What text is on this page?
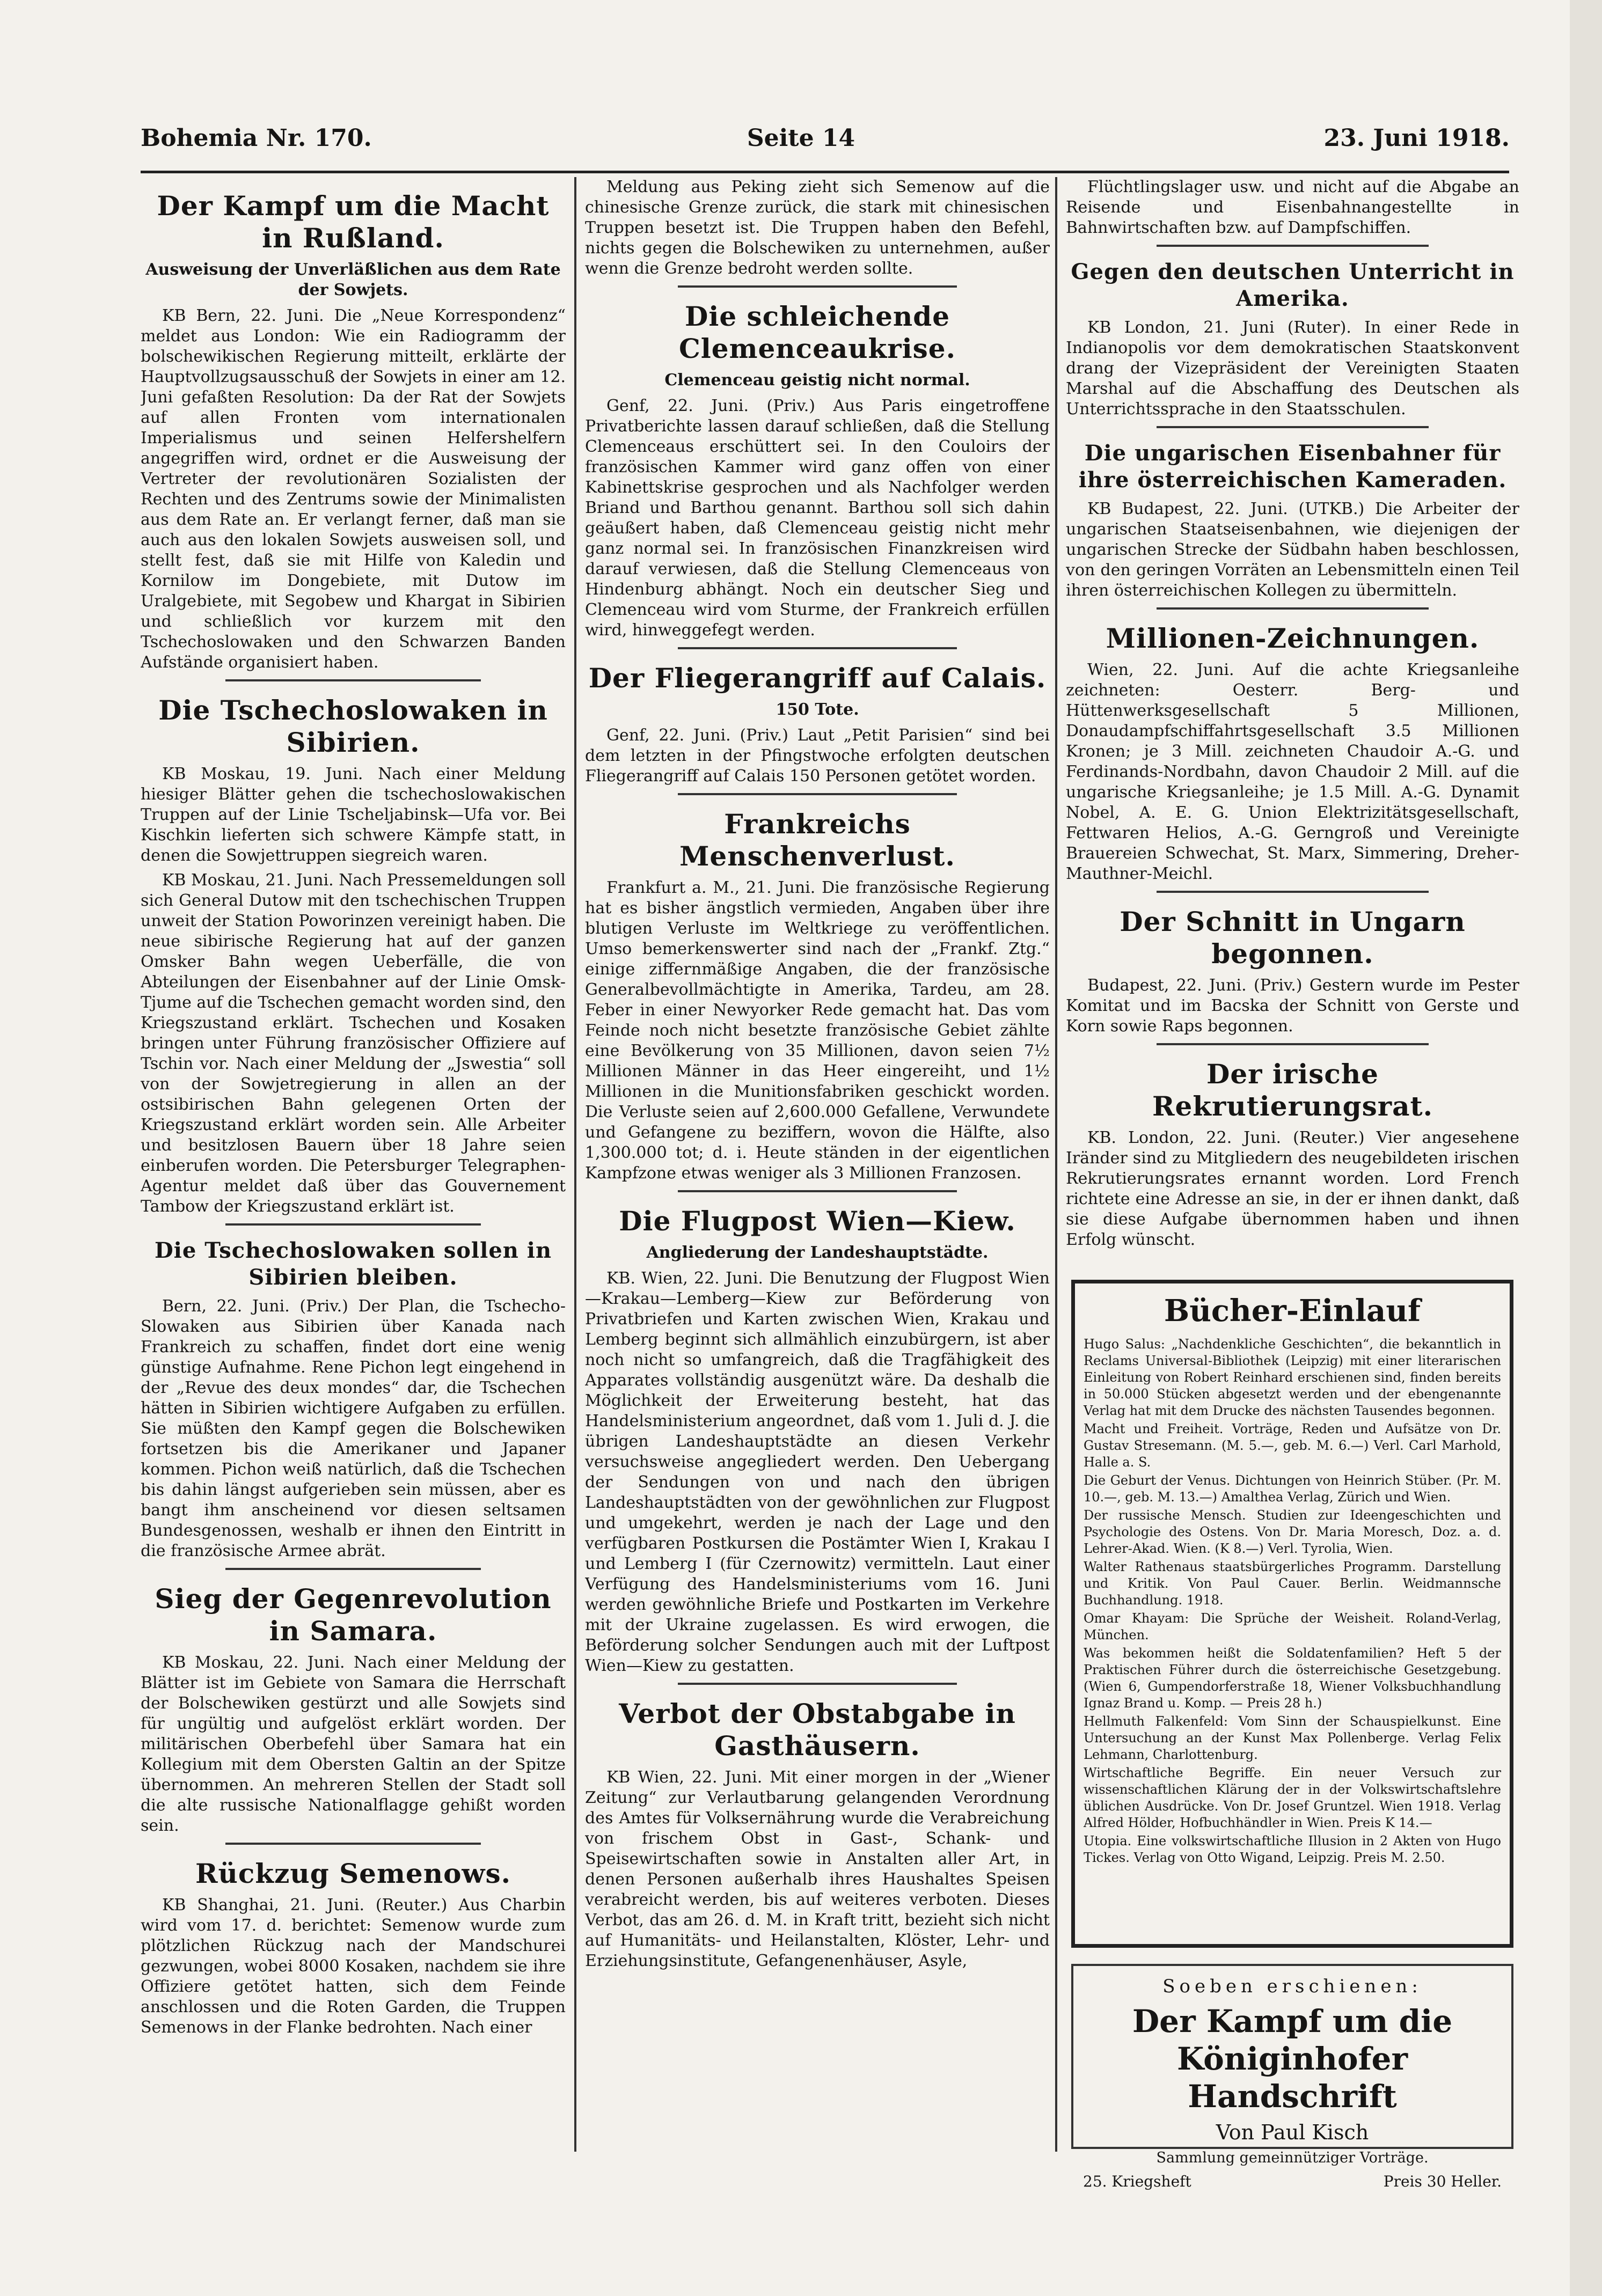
Bohemia Nr. 170.	Seite 14	23. Juni 1918.
Der Kampf um die Macht in Rußland.
Ausweisung der Unverläßlichen aus dem Rate der Sowjets.
KB Bern, 22. Juni. Die „Neue Korrespondenz“ meldet aus London: Wie ein Radiogramm der bolschewikischen Regierung mitteilt, erklärte der Hauptvollzugsausschuß der Sowjets in einer am 12. Juni gefaßten Resolution: Da der Rat der Sowjets auf allen Fronten vom internationalen Imperialismus und seinen Helfershelfern angegriffen wird, ordnet er die Ausweisung der Vertreter der revolutionären Sozialisten der Rechten und des Zentrums sowie der Minimalisten aus dem Rate an. Er verlangt ferner, daß man sie auch aus den lokalen Sowjets ausweisen soll, und stellt fest, daß sie mit Hilfe von Kaledin und Kornilow im Dongebiete, mit Dutow im Uralgebiete, mit Segobew und Khargat in Sibirien und schließlich vor kurzem mit den Tschechoslowaken und den Schwarzen Banden Aufstände organisiert haben.
Die Tschechoslowaken in Sibirien.
KB Moskau, 19. Juni. Nach einer Meldung hiesiger Blätter gehen die tschechoslowakischen Truppen auf der Linie Tscheljabinsk—Ufa vor. Bei Kischkin lieferten sich schwere Kämpfe statt, in denen die Sowjettruppen siegreich waren.
KB Moskau, 21. Juni. Nach Pressemeldungen soll sich General Dutow mit den tschechischen Truppen unweit der Station Poworinzen vereinigt haben. Die neue sibirische Regierung hat auf der ganzen Omsker Bahn wegen Ueberfälle, die von Abteilungen der Eisenbahner auf der Linie Omsk-Tjume auf die Tschechen gemacht worden sind, den Kriegszustand erklärt. Tschechen und Kosaken bringen unter Führung französischer Offiziere auf Tschin vor. Nach einer Meldung der „Jswestia“ soll von der Sowjetregierung in allen an der ostsibirischen Bahn gelegenen Orten der Kriegszustand erklärt worden sein. Alle Arbeiter und besitzlosen Bauern über 18 Jahre seien einberufen worden. Die Petersburger Telegraphen-Agentur meldet daß über das Gouvernement Tambow der Kriegszustand erklärt ist.
Die Tschechoslowaken sollen in Sibirien bleiben.
Bern, 22. Juni. (Priv.) Der Plan, die Tschecho-Slowaken aus Sibirien über Kanada nach Frankreich zu schaffen, findet dort eine wenig günstige Aufnahme. Rene Pichon legt eingehend in der „Revue des deux mondes“ dar, die Tschechen hätten in Sibirien wichtigere Aufgaben zu erfüllen. Sie müßten den Kampf gegen die Bolschewiken fortsetzen bis die Amerikaner und Japaner kommen. Pichon weiß natürlich, daß die Tschechen bis dahin längst aufgerieben sein müssen, aber es bangt ihm anscheinend vor diesen seltsamen Bundesgenossen, weshalb er ihnen den Eintritt in die französische Armee abrät.
Sieg der Gegenrevolution in Samara.
KB Moskau, 22. Juni. Nach einer Meldung der Blätter ist im Gebiete von Samara die Herrschaft der Bolschewiken gestürzt und alle Sowjets sind für ungültig und aufgelöst erklärt worden. Der militärischen Oberbefehl über Samara hat ein Kollegium mit dem Obersten Galtin an der Spitze übernommen. An mehreren Stellen der Stadt soll die alte russische Nationalflagge gehißt worden sein.
Rückzug Semenows.
KB Shanghai, 21. Juni. (Reuter.) Aus Charbin wird vom 17. d. berichtet: Semenow wurde zum plötzlichen Rückzug nach der Mandschurei gezwungen, wobei 8000 Kosaken, nachdem sie ihre Offiziere getötet hatten, sich dem Feinde anschlossen und die Roten Garden, die Truppen Semenows in der Flanke bedrohten. Nach einer
Meldung aus Peking zieht sich Semenow auf die chinesische Grenze zurück, die stark mit chinesischen Truppen besetzt ist. Die Truppen haben den Befehl, nichts gegen die Bolschewiken zu unternehmen, außer wenn die Grenze bedroht werden sollte.
Die schleichende Clemenceaukrise.
Clemenceau geistig nicht normal.
Genf, 22. Juni. (Priv.) Aus Paris eingetroffene Privatberichte lassen darauf schließen, daß die Stellung Clemenceaus erschüttert sei. In den Couloirs der französischen Kammer wird ganz offen von einer Kabinettskrise gesprochen und als Nachfolger werden Briand und Barthou genannt. Barthou soll sich dahin geäußert haben, daß Clemenceau geistig nicht mehr ganz normal sei. In französischen Finanzkreisen wird darauf verwiesen, daß die Stellung Clemenceaus von Hindenburg abhängt. Noch ein deutscher Sieg und Clemenceau wird vom Sturme, der Frankreich erfüllen wird, hinweggefegt werden.
Der Fliegerangriff auf Calais.
150 Tote.
Genf, 22. Juni. (Priv.) Laut „Petit Parisien“ sind bei dem letzten in der Pfingstwoche erfolgten deutschen Fliegerangriff auf Calais 150 Personen getötet worden.
Frankreichs Menschenverlust.
Frankfurt a. M., 21. Juni. Die französische Regierung hat es bisher ängstlich vermieden, Angaben über ihre blutigen Verluste im Weltkriege zu veröffentlichen. Umso bemerkenswerter sind nach der „Frankf. Ztg.“ einige ziffernmäßige Angaben, die der französische Generalbevollmächtigte in Amerika, Tardeu, am 28. Feber in einer Newyorker Rede gemacht hat. Das vom Feinde noch nicht besetzte französische Gebiet zählte eine Bevölkerung von 35 Millionen, davon seien 7½ Millionen Männer in das Heer eingereiht, und 1½ Millionen in die Munitionsfabriken geschickt worden. Die Verluste seien auf 2,600.000 Gefallene, Verwundete und Gefangene zu beziffern, wovon die Hälfte, also 1,300.000 tot; d. i. Heute ständen in der eigentlichen Kampfzone etwas weniger als 3 Millionen Franzosen.
Die Flugpost Wien—Kiew.
Angliederung der Landeshauptstädte.
KB. Wien, 22. Juni. Die Benutzung der Flugpost Wien—Krakau—Lemberg—Kiew zur Beförderung von Privatbriefen und Karten zwischen Wien, Krakau und Lemberg beginnt sich allmählich einzubürgern, ist aber noch nicht so umfangreich, daß die Tragfähigkeit des Apparates vollständig ausgenützt wäre. Da deshalb die Möglichkeit der Erweiterung besteht, hat das Handelsministerium angeordnet, daß vom 1. Juli d. J. die übrigen Landeshauptstädte an diesen Verkehr versuchsweise angegliedert werden. Den Uebergang der Sendungen von und nach den übrigen Landeshauptstädten von der gewöhnlichen zur Flugpost und umgekehrt, werden je nach der Lage und den verfügbaren Postkursen die Postämter Wien I, Krakau I und Lemberg I (für Czernowitz) vermitteln. Laut einer Verfügung des Handelsministeriums vom 16. Juni werden gewöhnliche Briefe und Postkarten im Verkehre mit der Ukraine zugelassen. Es wird erwogen, die Beförderung solcher Sendungen auch mit der Luftpost Wien—Kiew zu gestatten.
Verbot der Obstabgabe in Gasthäusern.
KB Wien, 22. Juni. Mit einer morgen in der „Wiener Zeitung“ zur Verlautbarung gelangenden Verordnung des Amtes für Volksernährung wurde die Verabreichung von frischem Obst in Gast-, Schank- und Speisewirtschaften sowie in Anstalten aller Art, in denen Personen außerhalb ihres Haushaltes Speisen verabreicht werden, bis auf weiteres verboten. Dieses Verbot, das am 26. d. M. in Kraft tritt, bezieht sich nicht auf Humanitäts- und Heilanstalten, Klöster, Lehr- und Erziehungsinstitute, Gefangenenhäuser, Asyle,
Flüchtlingslager usw. und nicht auf die Abgabe an Reisende und Eisenbahnangestellte in Bahnwirtschaften bzw. auf Dampfschiffen.
Gegen den deutschen Unterricht in Amerika.
KB London, 21. Juni (Ruter). In einer Rede in Indianopolis vor dem demokratischen Staatskonvent drang der Vizepräsident der Vereinigten Staaten Marshal auf die Abschaffung des Deutschen als Unterrichtssprache in den Staatsschulen.
Die ungarischen Eisenbahner für ihre österreichischen Kameraden.
KB Budapest, 22. Juni. (UTKB.) Die Arbeiter der ungarischen Staatseisenbahnen, wie diejenigen der ungarischen Strecke der Südbahn haben beschlossen, von den geringen Vorräten an Lebensmitteln einen Teil ihren österreichischen Kollegen zu übermitteln.
Millionen-Zeichnungen.
Wien, 22. Juni. Auf die achte Kriegsanleihe zeichneten: Oesterr. Berg- und Hüttenwerksgesellschaft 5 Millionen, Donaudampfschiffahrtsgesellschaft 3.5 Millionen Kronen; je 3 Mill. zeichneten Chaudoir A.-G. und Ferdinands-Nordbahn, davon Chaudoir 2 Mill. auf die ungarische Kriegsanleihe; je 1.5 Mill. A.-G. Dynamit Nobel, A. E. G. Union Elektrizitätsgesellschaft, Fettwaren Helios, A.-G. Gerngroß und Vereinigte Brauereien Schwechat, St. Marx, Simmering, Dreher-Mauthner-Meichl.
Der Schnitt in Ungarn begonnen.
Budapest, 22. Juni. (Priv.) Gestern wurde im Pester Komitat und im Bacska der Schnitt von Gerste und Korn sowie Raps begonnen.
Der irische Rekrutierungsrat.
KB. London, 22. Juni. (Reuter.) Vier angesehene Iränder sind zu Mitgliedern des neugebildeten irischen Rekrutierungsrates ernannt worden. Lord French richtete eine Adresse an sie, in der er ihnen dankt, daß sie diese Aufgabe übernommen haben und ihnen Erfolg wünscht.
Bücher-Einlauf
Hugo Salus: „Nachdenkliche Geschichten“, die bekanntlich in Reclams Universal-Bibliothek (Leipzig) mit einer literarischen Einleitung von Robert Reinhard erschienen sind, finden bereits in 50.000 Stücken abgesetzt werden und der ebengenannte Verlag hat mit dem Drucke des nächsten Tausendes begonnen.
Macht und Freiheit. Vorträge, Reden und Aufsätze von Dr. Gustav Stresemann. (M. 5.—, geb. M. 6.—) Verl. Carl Marhold, Halle a. S.
Die Geburt der Venus. Dichtungen von Heinrich Stüber. (Pr. M. 10.—, geb. M. 13.—) Amalthea Verlag, Zürich und Wien.
Der russische Mensch. Studien zur Ideengeschichten und Psychologie des Ostens. Von Dr. Maria Moresch, Doz. a. d. Lehrer-Akad. Wien. (K 8.—) Verl. Tyrolia, Wien.
Walter Rathenaus staatsbürgerliches Programm. Darstellung und Kritik. Von Paul Cauer. Berlin. Weidmannsche Buchhandlung. 1918.
Omar Khayam: Die Sprüche der Weisheit. Roland-Verlag, München.
Was bekommen heißt die Soldatenfamilien? Heft 5 der Praktischen Führer durch die österreichische Gesetzgebung. (Wien 6, Gumpendorferstraße 18, Wiener Volksbuchhandlung Ignaz Brand u. Komp. — Preis 28 h.)
Hellmuth Falkenfeld: Vom Sinn der Schauspielkunst. Eine Untersuchung an der Kunst Max Pollenberge. Verlag Felix Lehmann, Charlottenburg.
Wirtschaftliche Begriffe. Ein neuer Versuch zur wissenschaftlichen Klärung der in der Volkswirtschaftslehre üblichen Ausdrücke. Von Dr. Josef Gruntzel. Wien 1918. Verlag Alfred Hölder, Hofbuchhändler in Wien. Preis K 14.—
Utopia. Eine volkswirtschaftliche Illusion in 2 Akten von Hugo Tickes. Verlag von Otto Wigand, Leipzig. Preis M. 2.50.
Soeben erschienen:
Der Kampf um die Königinhofer Handschrift
Von Paul Kisch
Sammlung gemeinnütziger Vorträge.
25. Kriegsheft	Preis 30 Heller.
